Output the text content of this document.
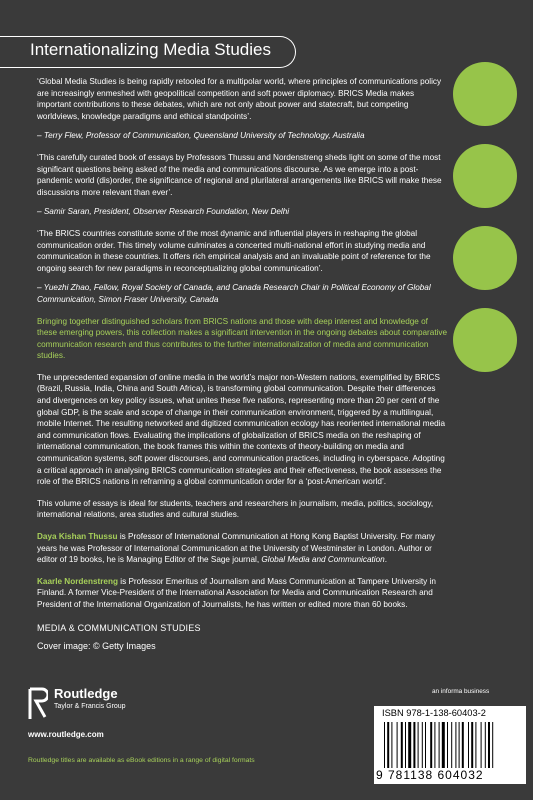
Internationalizing Media Studies

‘Global Media Studies is being rapidly retooled for a multipolar world, where principles of communications policy are increasingly enmeshed with geopolitical competition and soft power diplomacy. BRICS Media makes important contributions to these debates, which are not only about power and statecraft, but competing worldviews, knowledge paradigms and ethical standpoints’.

– Terry Flew, Professor of Communication, Queensland University of Technology, Australia

‘This carefully curated book of essays by Professors Thussu and Nordenstreng sheds light on some of the most significant questions being asked of the media and communications discourse. As we emerge into a post-pandemic world (dis)order, the significance of regional and plurilateral arrangements like BRICS will make these discussions more relevant than ever’.

– Samir Saran, President, Observer Research Foundation, New Delhi

‘The BRICS countries constitute some of the most dynamic and influential players in reshaping the global communication order. This timely volume culminates a concerted multi-national effort in studying media and communication in these countries. It offers rich empirical analysis and an invaluable point of reference for the ongoing search for new paradigms in reconceptualizing global communication’.

– Yuezhi Zhao, Fellow, Royal Society of Canada, and Canada Research Chair in Political Economy of Global Communication, Simon Fraser University, Canada

Bringing together distinguished scholars from BRICS nations and those with deep interest and knowledge of these emerging powers, this collection makes a significant intervention in the ongoing debates about comparative communication research and thus contributes to the further internationalization of media and communication studies.

The unprecedented expansion of online media in the world’s major non-Western nations, exemplified by BRICS (Brazil, Russia, India, China and South Africa), is transforming global communication. Despite their differences and divergences on key policy issues, what unites these five nations, representing more than 20 per cent of the global GDP, is the scale and scope of change in their communication environment, triggered by a multilingual, mobile Internet. The resulting networked and digitized communication ecology has reoriented international media and communication flows. Evaluating the implications of globalization of BRICS media on the reshaping of international communication, the book frames this within the contexts of theory-building on media and communication systems, soft power discourses, and communication practices, including in cyberspace. Adopting a critical approach in analysing BRICS communication strategies and their effectiveness, the book assesses the role of the BRICS nations in reframing a global communication order for a ‘post-American world’.

This volume of essays is ideal for students, teachers and researchers in journalism, media, politics, sociology, international relations, area studies and cultural studies.

Daya Kishan Thussu is Professor of International Communication at Hong Kong Baptist University. For many years he was Professor of International Communication at the University of Westminster in London. Author or editor of 19 books, he is Managing Editor of the Sage journal, Global Media and Communication.

Kaarle Nordenstreng is Professor Emeritus of Journalism and Mass Communication at Tampere University in Finland. A former Vice-President of the International Association for Media and Communication Research and President of the International Organization of Journalists, he has written or edited more than 60 books.

MEDIA & COMMUNICATION STUDIES

Cover image: © Getty Images

Routledge
Taylor & Francis Group
www.routledge.com
Routledge titles are available as eBook editions in a range of digital formats
an informa business
ISBN 978-1-138-60403-2
9 781138 604032
